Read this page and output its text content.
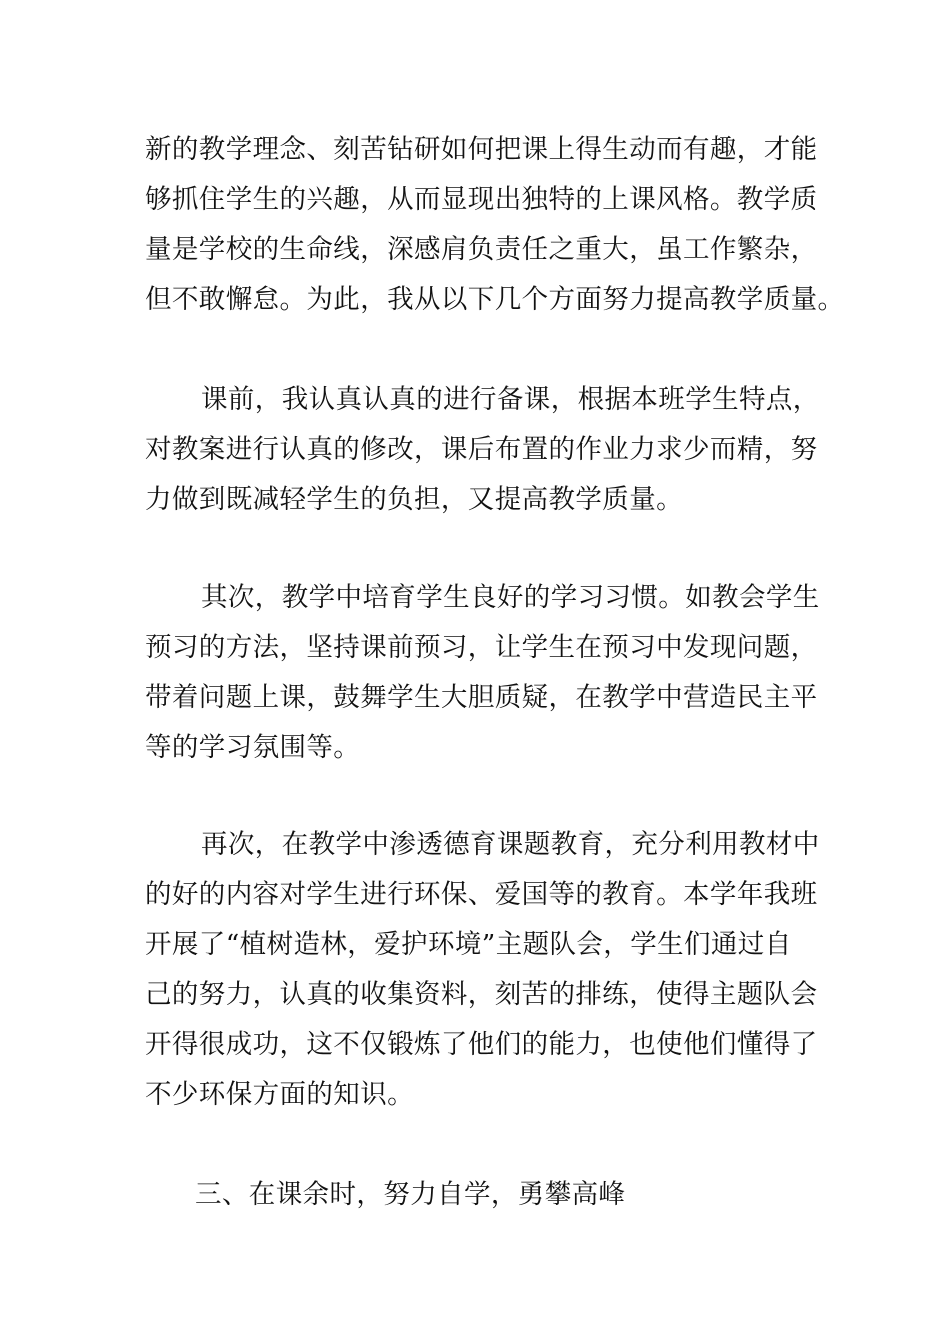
新的教学理念、刻苦钻研如何把课上得生动而有趣，才能
够抓住学生的兴趣，从而显现出独特的上课风格。教学质
量是学校的生命线，深感肩负责任之重大，虽工作繁杂，
但不敢懈怠。为此，我从以下几个方面努力提高教学质量。
课前，我认真认真的进行备课，根据本班学生特点，
对教案进行认真的修改，课后布置的作业力求少而精，努
力做到既减轻学生的负担，又提高教学质量。
其次，教学中培育学生良好的学习习惯。如教会学生
预习的方法，坚持课前预习，让学生在预习中发现问题，
带着问题上课，鼓舞学生大胆质疑，在教学中营造民主平
等的学习氛围等。
再次，在教学中渗透德育课题教育，充分利用教材中
的好的内容对学生进行环保、爱国等的教育。本学年我班
开展了“植树造林，爱护环境”主题队会，学生们通过自
己的努力，认真的收集资料，刻苦的排练，使得主题队会
开得很成功，这不仅锻炼了他们的能力，也使他们懂得了
不少环保方面的知识。
三、在课余时，努力自学，勇攀高峰
